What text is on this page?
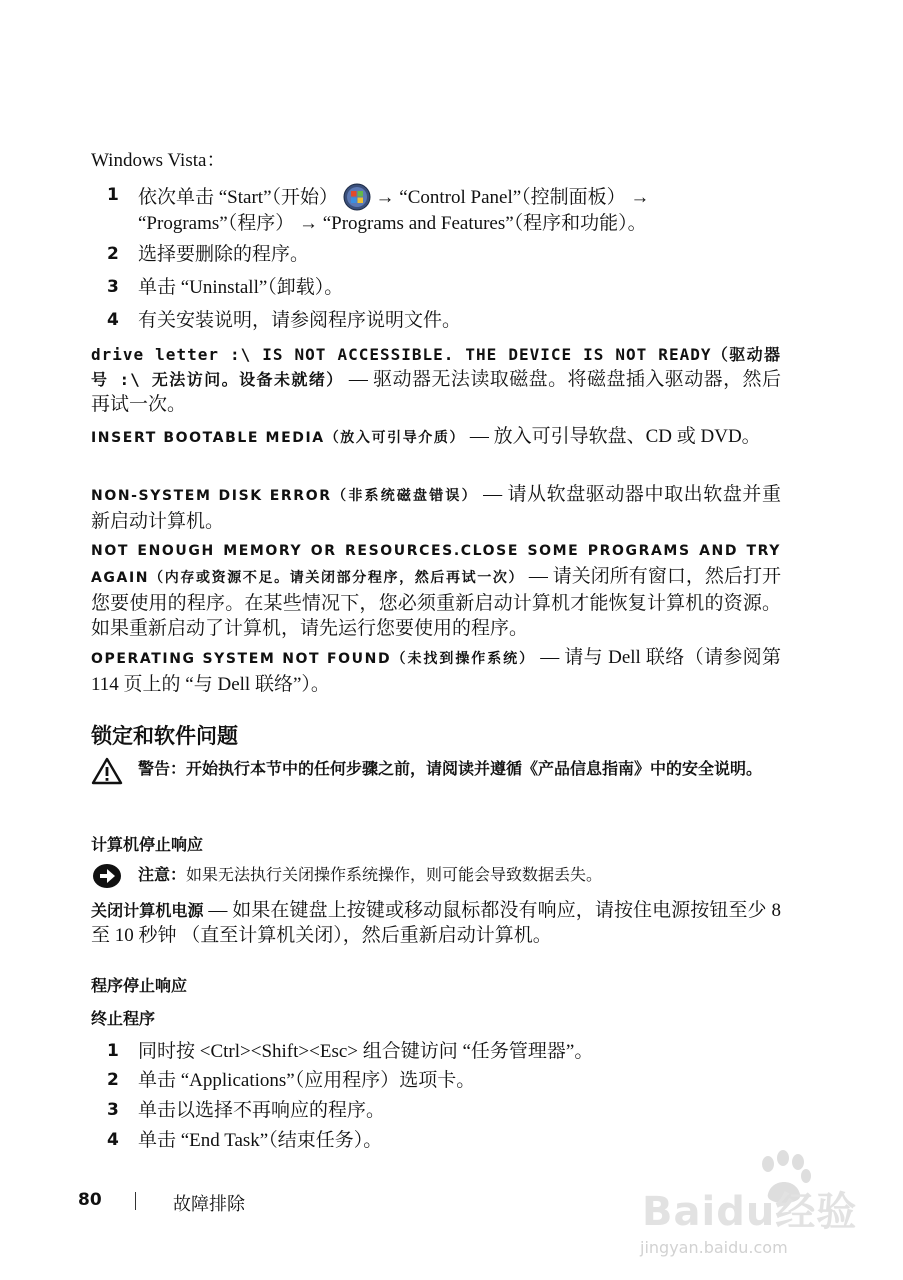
Windows Vista：
1 依次单击 “Start”（开始） → “Control Panel”（控制面板） →
“Programs”（程序） → “Programs and Features”（程序和功能）。
2 选择要删除的程序。
3 单击 “Uninstall”（卸载）。
4 有关安装说明，请参阅程序说明文件。
drive letter :\ IS NOT ACCESSIBLE. THE DEVICE IS NOT READY（驱动器号 :\ 无法访问。设备未就绪） — 驱动器无法读取磁盘。将磁盘插入驱动器，然后再试一次。
INSERT BOOTABLE MEDIA（放入可引导介质） — 放入可引导软盘、CD 或 DVD。
NON-SYSTEM DISK ERROR（非系统磁盘错误） — 请从软盘驱动器中取出软盘并重新启动计算机。
NOT ENOUGH MEMORY OR RESOURCES.CLOSE SOME PROGRAMS AND TRY AGAIN（内存或资源不足。请关闭部分程序，然后再试一次） — 请关闭所有窗口，然后打开您要使用的程序。在某些情况下，您必须重新启动计算机才能恢复计算机的资源。如果重新启动了计算机，请先运行您要使用的程序。
OPERATING SYSTEM NOT FOUND（未找到操作系统） — 请与 Dell 联络（请参阅第 114 页上的 “与 Dell 联络”）。
锁定和软件问题
警告：开始执行本节中的任何步骤之前，请阅读并遵循《产品信息指南》中的安全说明。
计算机停止响应
注意：如果无法执行关闭操作系统操作，则可能会导致数据丢失。
关闭计算机电源 — 如果在键盘上按键或移动鼠标都没有响应，请按住电源按钮至少 8 至 10 秒钟 （直至计算机关闭），然后重新启动计算机。
程序停止响应
终止程序
1 同时按 <Ctrl><Shift><Esc> 组合键访问 “任务管理器”。
2 单击 “Applications”（应用程序）选项卡。
3 单击以选择不再响应的程序。
4 单击 “End Task”（结束任务）。
80	故障排除	Baidu经验
jingyan.baidu.com
